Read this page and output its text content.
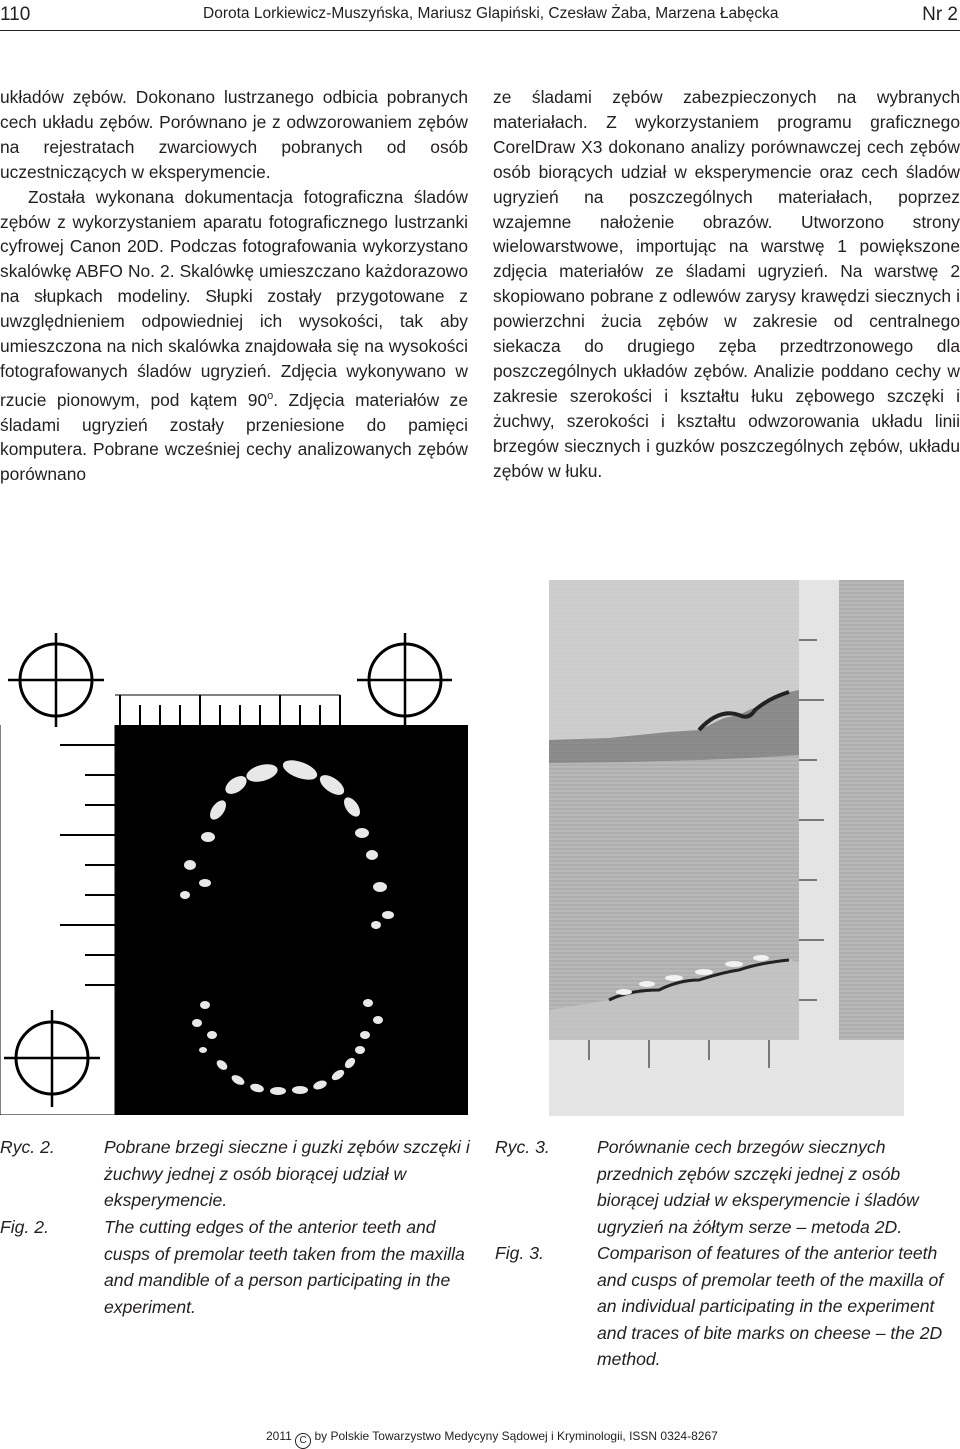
110	Dorota Lorkiewicz-Muszyńska, Mariusz Glapiński, Czesław Żaba, Marzena Łabęcka	Nr 2

układów zębów. Dokonano lustrzanego odbicia pobranych cech układu zębów. Porównano je z odwzorowaniem zębów na rejestratach zwarciowych pobranych od osób uczestniczących w eksperymencie.

Została wykonana dokumentacja fotograficzna śladów zębów z wykorzystaniem aparatu fotograficznego lustrzanki cyfrowej Canon 20D. Podczas fotografowania wykorzystano skalówkę ABFO No. 2. Skalówkę umieszczano każdorazowo na słupkach modeliny. Słupki zostały przygotowane z uwzględnieniem odpowiedniej ich wysokości, tak aby umieszczona na nich skalówka znajdowała się na wysokości fotografowanych śladów ugryzień. Zdjęcia wykonywano w rzucie pionowym, pod kątem 90$^o$. Zdjęcia materiałów ze śladami ugryzień zostały przeniesione do pamięci komputera. Pobrane wcześniej cechy analizowanych zębów porównano

ze śladami zębów zabezpieczonych na wybranych materiałach. Z wykorzystaniem programu graficznego CorelDraw X3 dokonano analizy porównawczej cech zębów osób biorących udział w eksperymencie oraz cech śladów ugryzień na poszczególnych materiałach, poprzez wzajemne nałożenie obrazów. Utworzono strony wielowarstwowe, importując na warstwę 1 powiększone zdjęcia materiałów ze śladami ugryzień. Na warstwę 2 skopiowano pobrane z odlewów zarysy krawędzi siecznych i powierzchni żucia zębów w zakresie od centralnego siekacza do drugiego zęba przedtrzonowego dla poszczególnych układów zębów. Analizie poddano cechy w zakresie szerokości i kształtu łuku zębowego szczęki i żuchwy, szerokości i kształtu odwzorowania układu linii brzegów siecznych i guzków poszczególnych zębów, układu zębów w łuku.

Ryc. 2.	Pobrane brzegi sieczne i guzki zębów szczęki i żuchwy jednej z osób biorącej udział w eksperymencie.
Fig. 2.	The cutting edges of the anterior teeth and cusps of premolar teeth taken from the maxilla and mandible of a person participating in the experiment.
Ryc. 3.	Porównanie cech brzegów siecznych przednich zębów szczęki jednej z osób biorącej udział w eksperymencie i śladów ugryzień na żółtym serze – metoda 2D.
Fig. 3.	Comparison of features of the anterior teeth and cusps of premolar teeth of the maxilla of an individual participating in the experiment and traces of bite marks on cheese – the 2D method.
2011 C by Polskie Towarzystwo Medycyny Sądowej i Kryminologii, ISSN 0324-8267
